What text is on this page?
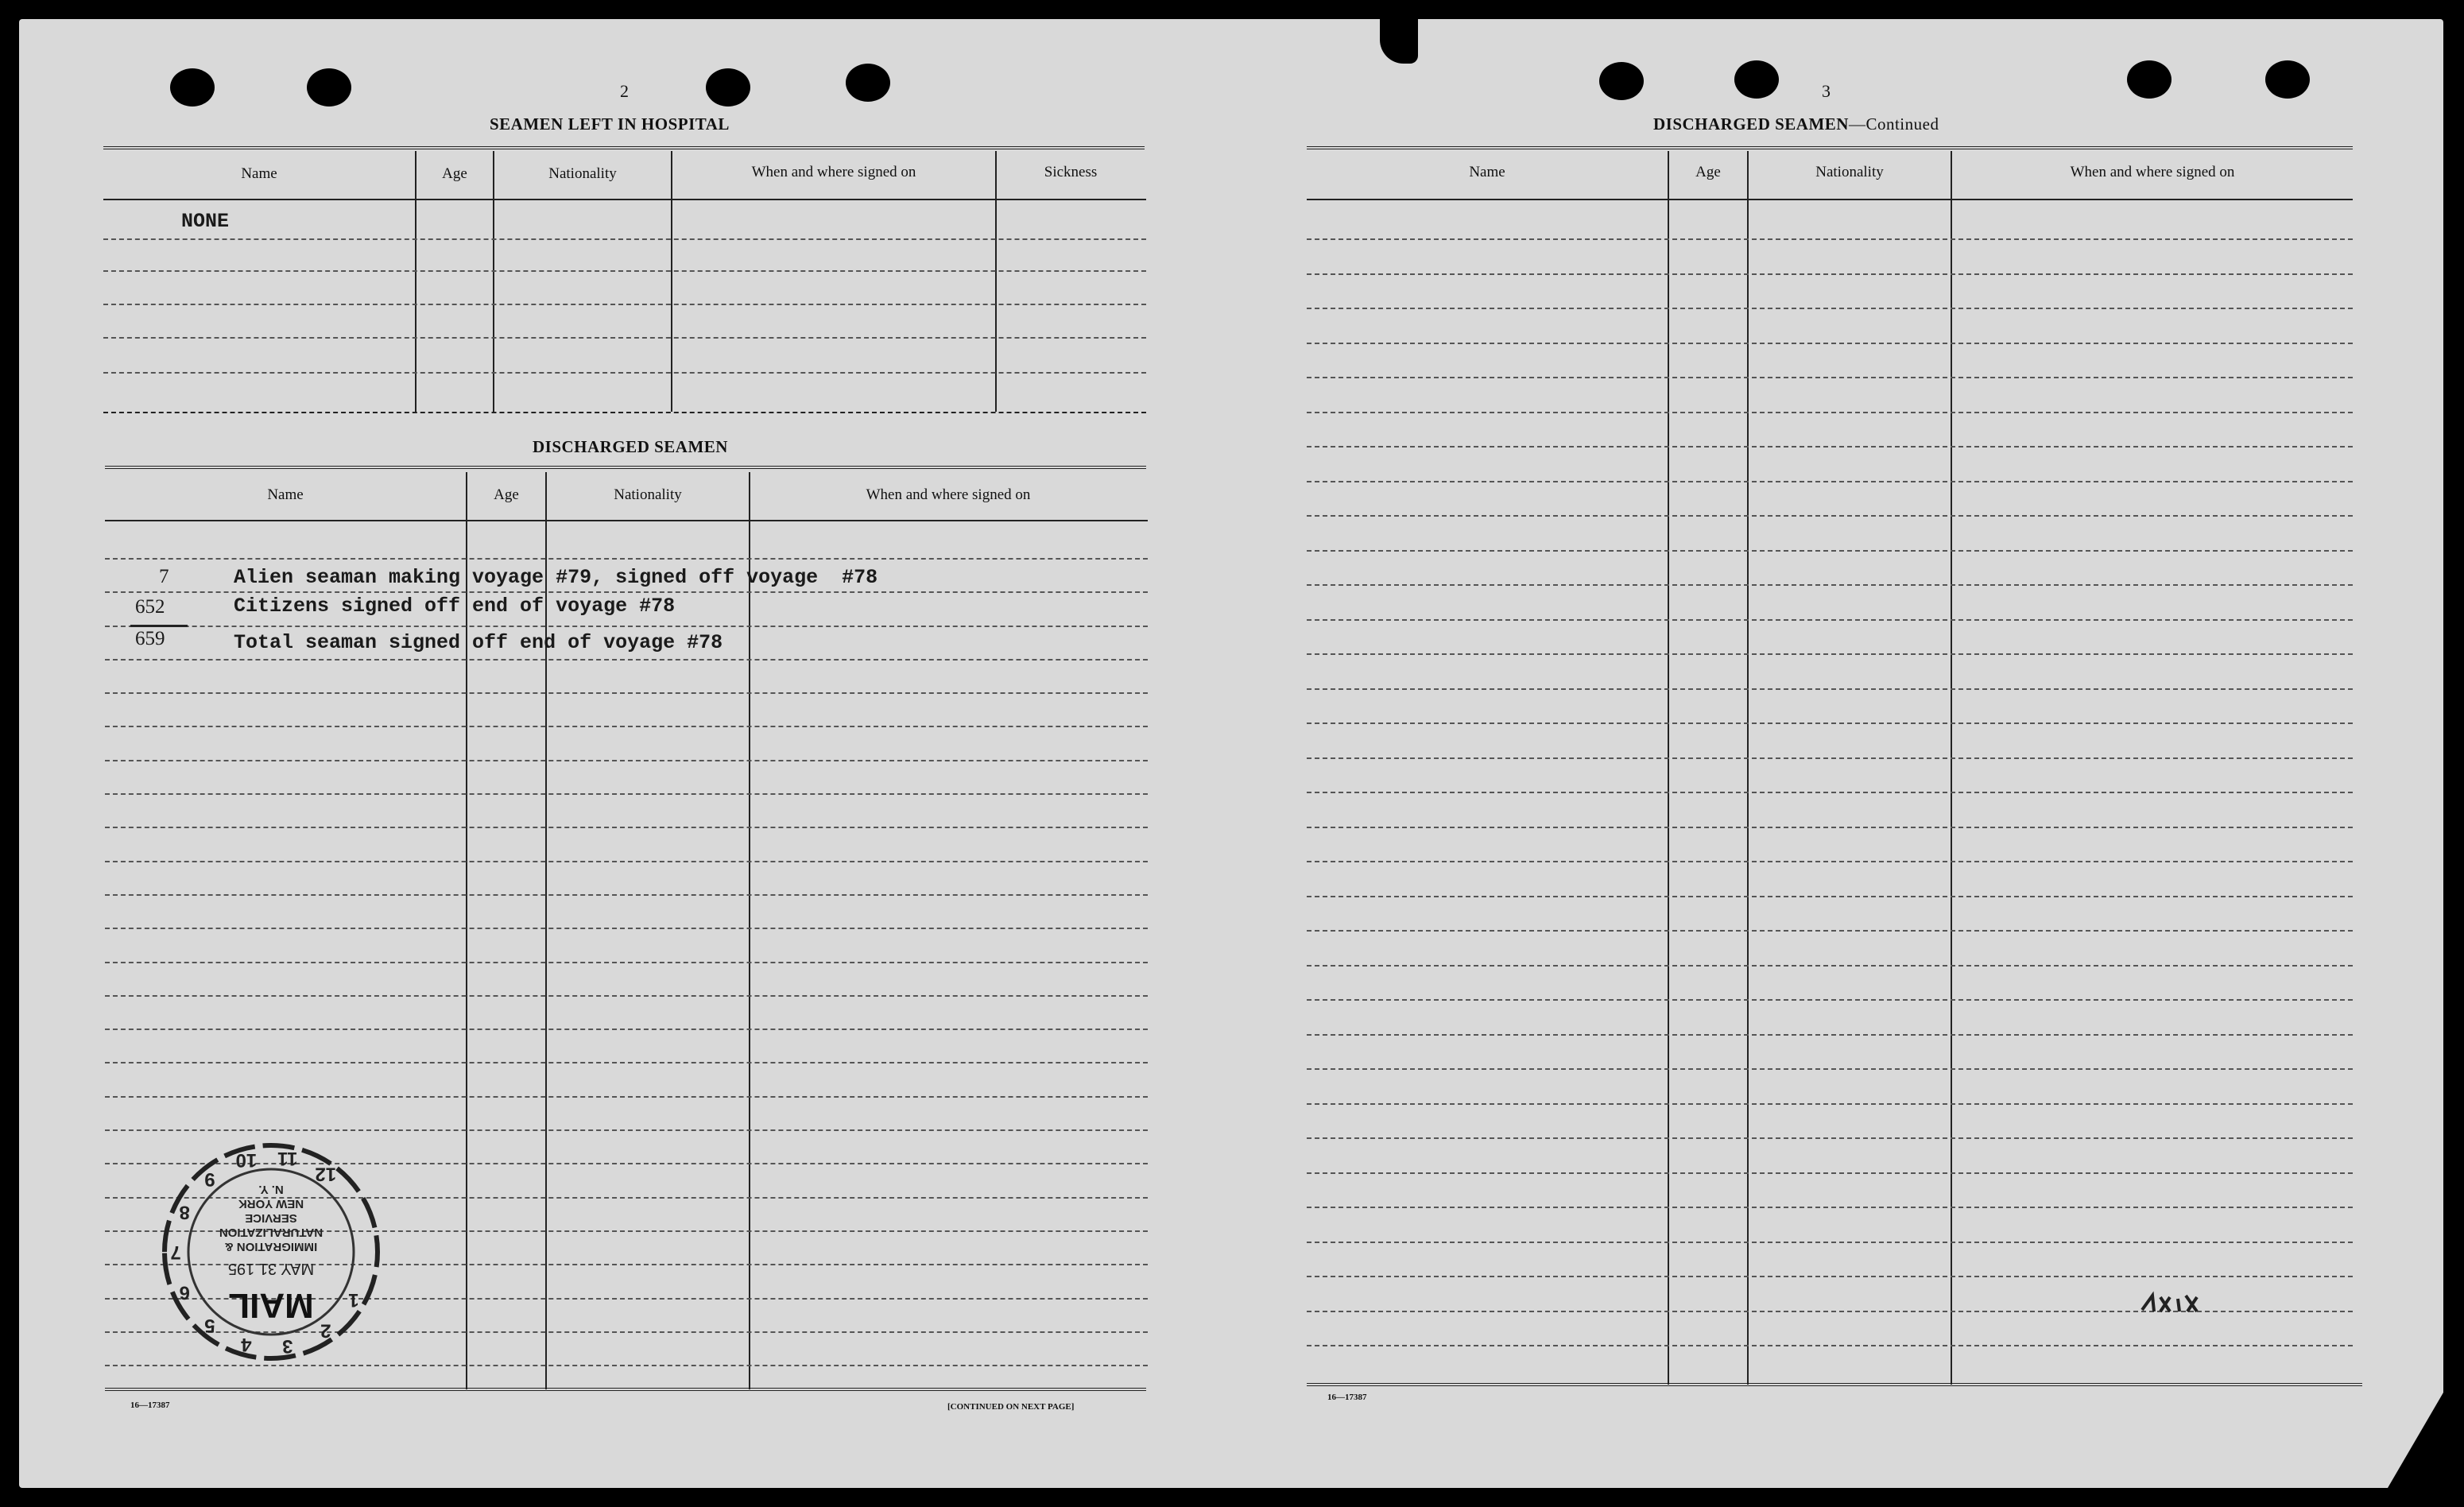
2
SEAMEN LEFT IN HOSPITAL
Name	Age	Nationality	When and where signed on	Sickness
NONE
DISCHARGED SEAMEN
Name	Age	Nationality	When and where signed on
7	Alien seaman making voyage #79, signed off voyage  #78
652	Citizens signed off end of voyage #78
659	Total seaman signed off end of voyage #78
16—17387	[CONTINUED ON NEXT PAGE]
1
2
3
4
5
6
7
8
9
10 11
12
MAIL
MAY 31 195
IMMIGRATION &
NATURALIZATION
SERVICE
NEW YORK
N. Y.
3
DISCHARGED SEAMEN—Continued
Name	Age	Nationality	When and where signed on
16—17387
